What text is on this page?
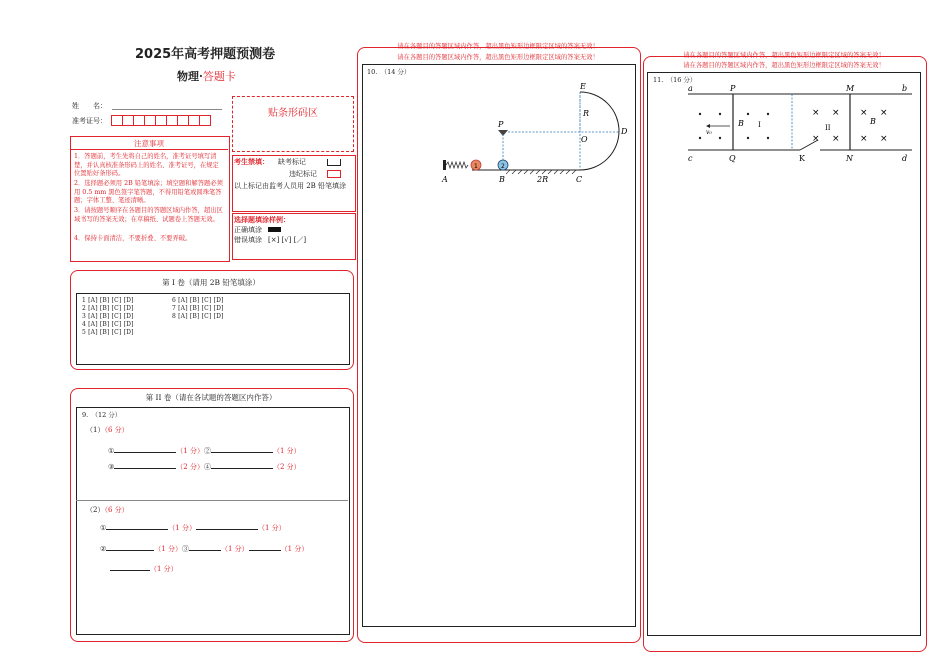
2025年高考押题预测卷
物理·答题卡
姓　　名：
准考证号：
贴条形码区
注意事项
1．答题前，考生先将自己的姓名，准考证号填写清楚，并认真核准条形码上的姓名、准考证号，在规定位置贴好条形码。
2．选择题必须用 2B 铅笔填涂；填空题和解答题必须用 0.5 mm 黑色签字笔答题，不得用铅笔或圆珠笔答题；字体工整、笔迹清晰。
3．请按题号顺序在各题目的答题区域内作答，超出区域书写的答案无效；在草稿纸、试题卷上答题无效。
4．保持卡面清洁，不要折叠、不要弄破。
考生禁填： 缺考标记
违纪标记
以上标记由监考人员用 2B 铅笔填涂
选择题填涂样例：
正确填涂
错误填涂 [×] [√] [／]
第 I 卷（请用 2B 铅笔填涂）
1 [A] [B] [C] [D]
2 [A] [B] [C] [D]
3 [A] [B] [C] [D]
4 [A] [B] [C] [D]
5 [A] [B] [C] [D]
6 [A] [B] [C] [D]
7 [A] [B] [C] [D]
8 [A] [B] [C] [D]
第 II 卷（请在各试题的答题区内作答）
9.　（12 分）
（1）（6 分）
①	（1 分）②	（1 分）
③	（2 分）④	（2 分）
（2）（6 分）
①	（1 分）	（1 分）
②	（1 分）③	（1 分）	（1 分）
（1 分）
请在各题目的答题区域内作答，超出黑色矩形边框限定区域的答案无效！
请在各题目的答题区域内作答，超出黑色矩形边框限定区域的答案无效！
10.　（14 分）
1	2
E
P
R
O
D
A	B	2R	C
请在各题目的答题区域内作答，超出黑色矩形边框限定区域的答案无效！
请在各题目的答题区域内作答，超出黑色矩形边框限定区域的答案无效！
11.　（16 分）
v₀
× × × ×
× × × ×
a	P	M	b
c	Q	K	N	d
B I	II
B
